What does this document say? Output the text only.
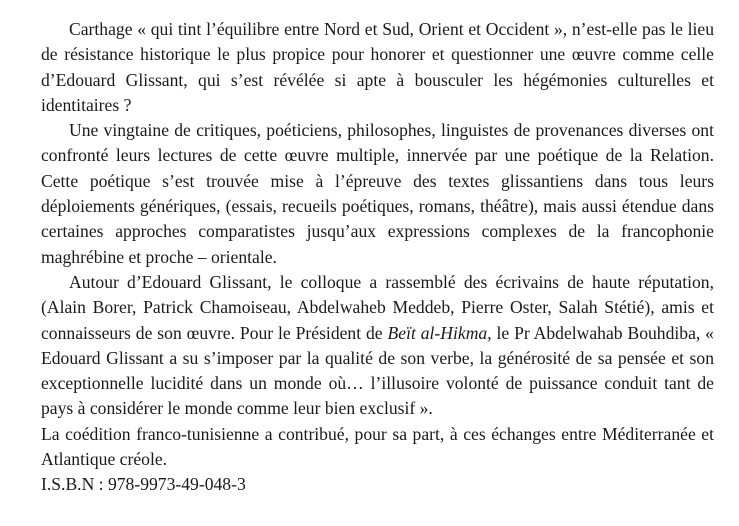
Carthage « qui tint l’équilibre entre Nord et Sud, Orient et Occident », n’est-elle pas le lieu de résistance historique le plus propice pour honorer et questionner une œuvre comme celle d’Edouard Glissant, qui s’est révélée si apte à bousculer les hégémonies culturelles et identitaires ?

Une vingtaine de critiques, poéticiens, philosophes, linguistes de provenances diverses ont confronté leurs lectures de cette œuvre multiple, innervée par une poétique de la Relation. Cette poétique s’est trouvée mise à l’épreuve des textes glissantiens dans tous leurs déploiements génériques, (essais, recueils poétiques, romans, théâtre), mais aussi étendue dans certaines approches comparatistes jusqu’aux expressions complexes de la francophonie maghrébine et proche – orientale.

Autour d’Edouard Glissant, le colloque a rassemblé des écrivains de haute réputation, (Alain Borer, Patrick Chamoiseau, Abdelwaheb Meddeb, Pierre Oster, Salah Stétié), amis et connaisseurs de son œuvre. Pour le Président de Beït al-Hikma, le Pr Abdelwahab Bouhdiba, « Edouard Glissant a su s’imposer par la qualité de son verbe, la générosité de sa pensée et son exceptionnelle lucidité dans un monde où… l’illusoire volonté de puissance conduit tant de pays à considérer le monde comme leur bien exclusif ».

La coédition franco-tunisienne a contribué, pour sa part, à ces échanges entre Méditerranée et Atlantique créole.

I.S.B.N : 978-9973-49-048-3
